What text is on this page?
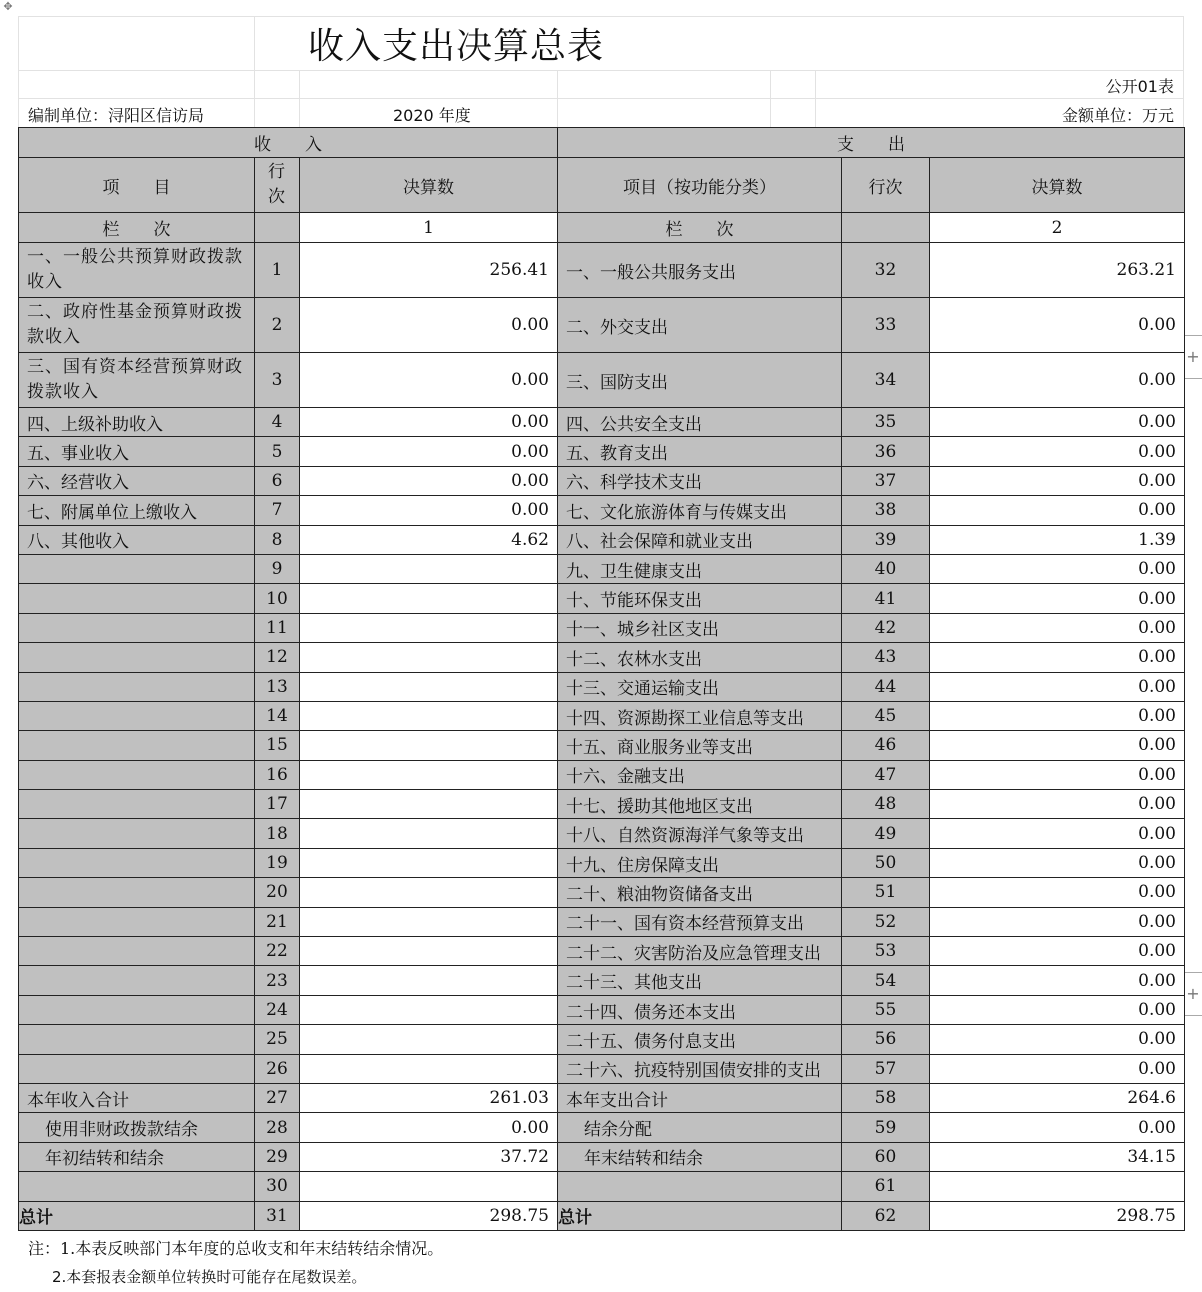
✥
+
+
收入支出决算总表
公开01表
编制单位：浔阳区信访局	2020 年度	金额单位：万元
收　　入			支　　出		
项　　目	行次	决算数	项目（按功能分类）	行次	决算数
栏　　次		1	栏　　次		2
一、一般公共预算财政拨款收入	1	256.41	一、一般公共服务支出	32	263.21
二、政府性基金预算财政拨款收入	2	0.00	二、外交支出	33	0.00
三、国有资本经营预算财政拨款收入	3	0.00	三、国防支出	34	0.00
四、上级补助收入	4	0.00	四、公共安全支出	35	0.00
五、事业收入	5	0.00	五、教育支出	36	0.00
六、经营收入	6	0.00	六、科学技术支出	37	0.00
七、附属单位上缴收入	7	0.00	七、文化旅游体育与传媒支出	38	0.00
八、其他收入	8	4.62	八、社会保障和就业支出	39	1.39
	9		九、卫生健康支出	40	0.00
	10		十、节能环保支出	41	0.00
	11		十一、城乡社区支出	42	0.00
	12		十二、农林水支出	43	0.00
	13		十三、交通运输支出	44	0.00
	14		十四、资源勘探工业信息等支出	45	0.00
	15		十五、商业服务业等支出	46	0.00
	16		十六、金融支出	47	0.00
	17		十七、援助其他地区支出	48	0.00
	18		十八、自然资源海洋气象等支出	49	0.00
	19		十九、住房保障支出	50	0.00
	20		二十、粮油物资储备支出	51	0.00
	21		二十一、国有资本经营预算支出	52	0.00
	22		二十二、灾害防治及应急管理支出	53	0.00
	23		二十三、其他支出	54	0.00
	24		二十四、债务还本支出	55	0.00
	25		二十五、债务付息支出	56	0.00
	26		二十六、抗疫特别国债安排的支出	57	0.00
本年收入合计	27	261.03	本年支出合计	58	264.6
使用非财政拨款结余	28	0.00	结余分配	59	0.00
年初结转和结余	29	37.72	年末结转和结余	60	34.15
	30			61	
总计	31	298.75	总计	62	298.75
注：1.本表反映部门本年度的总收支和年末结转结余情况。
2.本套报表金额单位转换时可能存在尾数误差。
